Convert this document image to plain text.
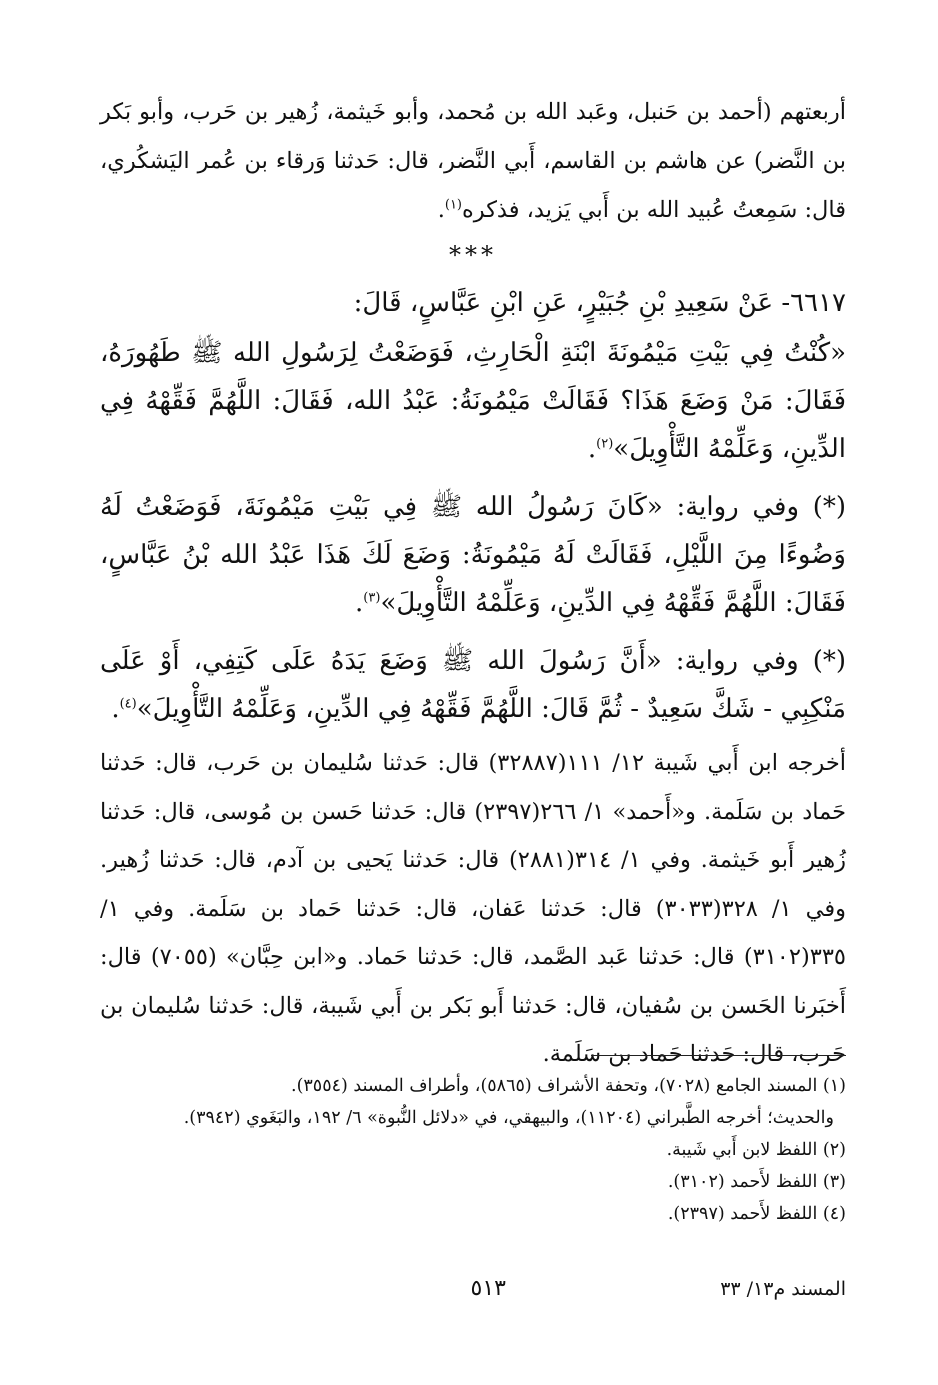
أربعتهم (أحمد بن حَنبل، وعَبد الله بن مُحمد، وأبو خَيثمة، زُهير بن حَرب، وأبو بَكر بن النَّضر) عن هاشم بن القاسم، أَبي النَّضر، قال: حَدثنا وَرقاء بن عُمر اليَشكُري، قال: سَمِعتُ عُبيد الله بن أَبي يَزيد، فذكره$^{(١)}$.

***

٦٦١٧- عَنْ سَعِيدِ بْنِ جُبَيْرٍ، عَنِ ابْنِ عَبَّاسٍ، قَالَ:

«كُنْتُ فِي بَيْتِ مَيْمُونَةَ ابْنَةِ الْحَارِثِ، فَوَضَعْتُ لِرَسُولِ الله ﷺ طَهُورَهُ، فَقَالَ: مَنْ وَضَعَ هَذَا؟ فَقَالَتْ مَيْمُونَةُ: عَبْدُ الله، فَقَالَ: اللَّهُمَّ فَقِّهْهُ فِي الدِّينِ، وَعَلِّمْهُ التَّأْوِيلَ»$^{(٢)}$.

(*) وفي رواية: «كَانَ رَسُولُ الله ﷺ فِي بَيْتِ مَيْمُونَةَ، فَوَضَعْتُ لَهُ وَضُوءًا مِنَ اللَّيْلِ، فَقَالَتْ لَهُ مَيْمُونَةُ: وَضَعَ لَكَ هَذَا عَبْدُ الله بْنُ عَبَّاسٍ، فَقَالَ: اللَّهُمَّ فَقِّهْهُ فِي الدِّينِ، وَعَلِّمْهُ التَّأْوِيلَ»$^{(٣)}$.

(*) وفي رواية: «أَنَّ رَسُولَ الله ﷺ وَضَعَ يَدَهُ عَلَى كَتِفِي، أَوْ عَلَى مَنْكِبِي - شَكَّ سَعِيدٌ - ثُمَّ قَالَ: اللَّهُمَّ فَقِّهْهُ فِي الدِّينِ، وَعَلِّمْهُ التَّأْوِيلَ»$^{(٤)}$.

أخرجه ابن أَبي شَيبة ١٢/ ١١١(٣٢٨٨٧) قال: حَدثنا سُليمان بن حَرب، قال: حَدثنا حَماد بن سَلَمة. و«أَحمد» ١/ ٢٦٦(٢٣٩٧) قال: حَدثنا حَسن بن مُوسى، قال: حَدثنا زُهير أَبو خَيثمة. وفي ١/ ٣١٤(٢٨٨١) قال: حَدثنا يَحيى بن آدم، قال: حَدثنا زُهير. وفي ١/ ٣٢٨(٣٠٣٣) قال: حَدثنا عَفان، قال: حَدثنا حَماد بن سَلَمة. وفي ١/ ٣٣٥(٣١٠٢) قال: حَدثنا عَبد الصَّمد، قال: حَدثنا حَماد. و«ابن حِبَّان» (٧٠٥٥) قال: أَخبَرنا الحَسن بن سُفيان، قال: حَدثنا أَبو بَكر بن أَبي شَيبة، قال: حَدثنا سُليمان بن حَرب، قال: حَدثنا حَماد بن سَلَمة.

(١) المسند الجامع (٧٠٢٨)، وتحفة الأشراف (٥٨٦٥)، وأطراف المسند (٣٥٥٤).

والحديث؛ أخرجه الطَّبراني (١١٢٠٤)، والبيهقي، في «دلائل النُّبوة» ٦/ ١٩٢، والبَغَوي (٣٩٤٢).

(٢) اللفظ لابن أَبي شَيبة.

(٣) اللفظ لأَحمد (٣١٠٢).

(٤) اللفظ لأَحمد (٢٣٩٧).

المسند م١٣/ ٣٣
٥١٣
